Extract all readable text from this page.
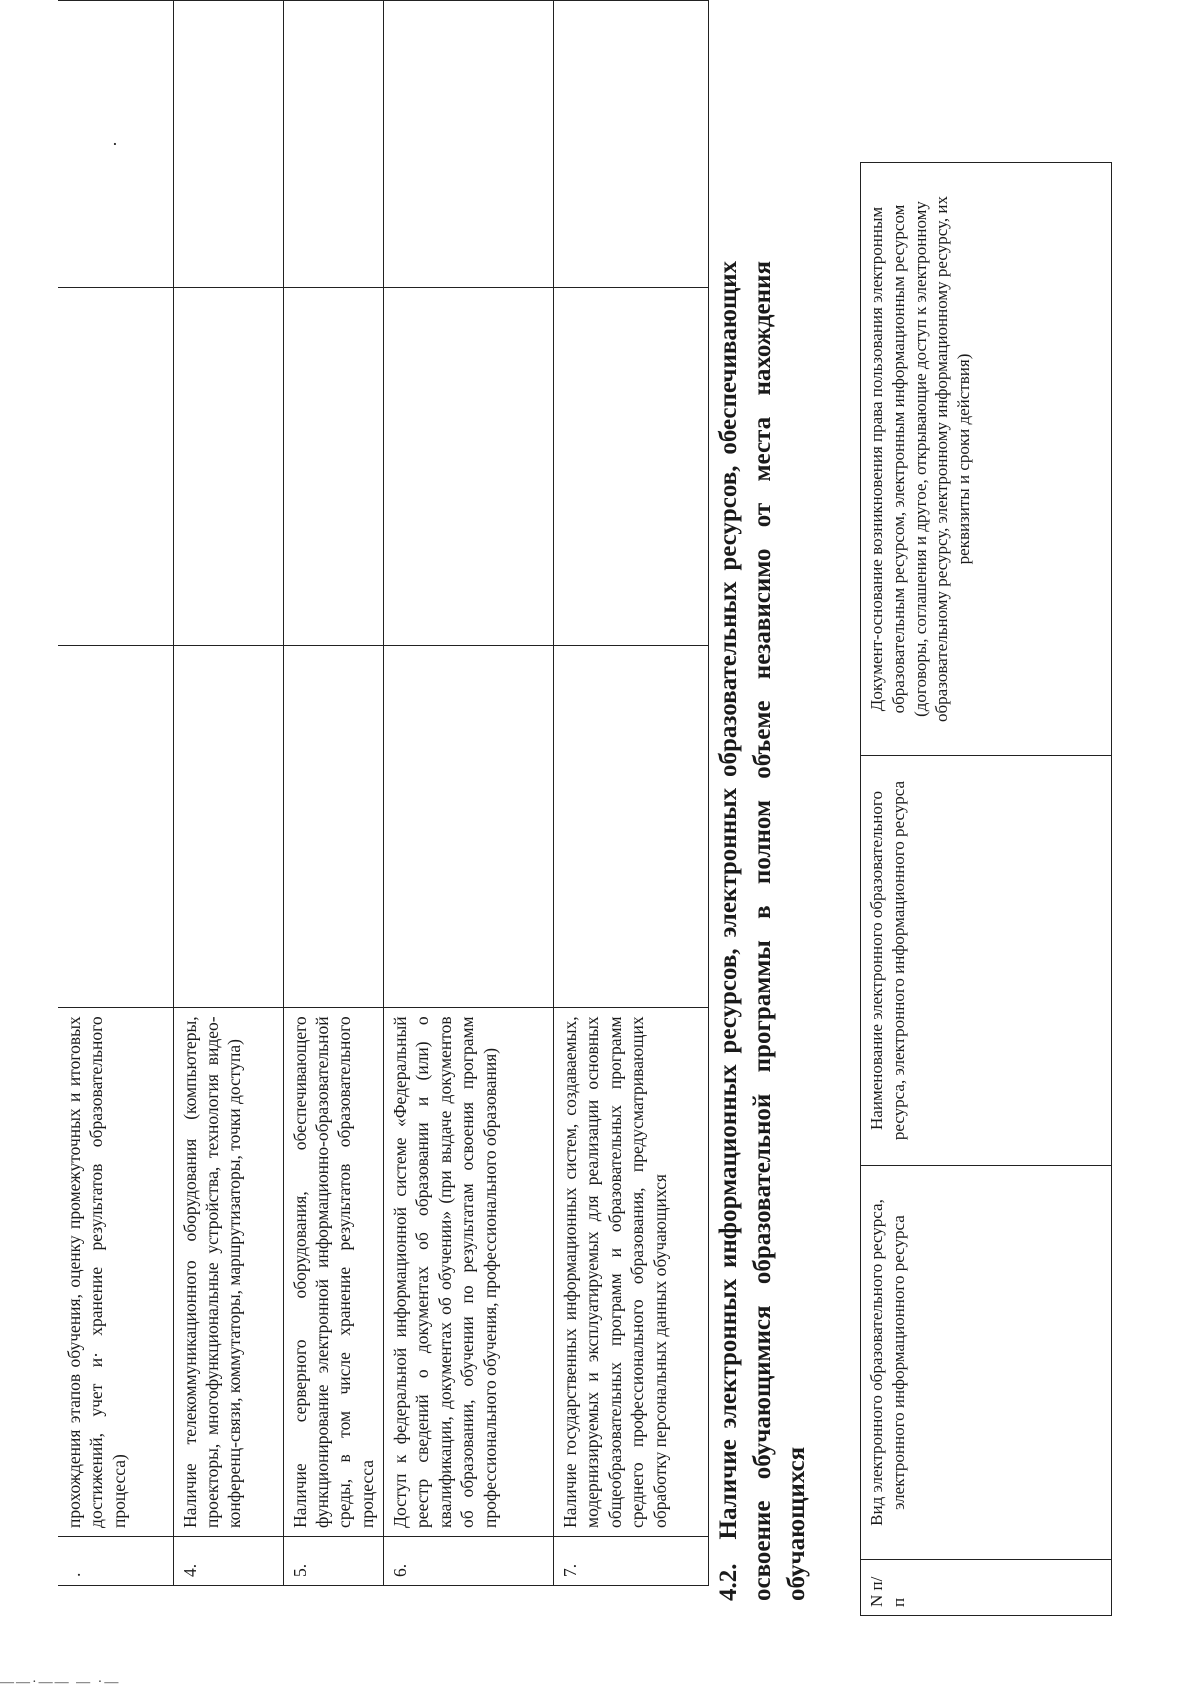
.	прохождения этапов обучения, оценку промежуточных и итоговых достижений, учет и· хранение результатов образовательного процесса)			·
4.	Наличие телекоммуникационного оборудования (компьютеры, проекторы, многофункциональные устройства, технология видео-конференц-связи, коммутаторы, маршрутизаторы, точки доступа)			
5.	Наличие серверного оборудования, обеспечивающего функционирование электронной информационно-образовательной среды, в том числе хранение результатов образовательного процесса			
6.	Доступ к федеральной информационной системе «Федеральный реестр сведений о документах об образовании и (или) о квалификации, документах об обучении» (при выдаче документов об образовании, обучении по результатам освоения программ профессионального обучения, профессионального образования)			
7.	Наличие государственных информационных систем, создаваемых, модернизируемых и эксплуатируемых для реализации основных общеобразовательных программ и образовательных программ среднего профессионального образования, предусматривающих обработку персональных данных обучающихся			
4.2.Наличие электронных информационных ресурсов, электронных образовательных ресурсов, обеспечивающих освоение обучающимися образовательной программы в полном объеме независимо от места нахождения обучающихся	N п/п	Вид электронного образовательного ресурса, электронного информационного ресурса	Наименование электронного образовательного ресурса, электронного информационного ресурса	Документ-основание возникновения права пользования электронным образовательным ресурсом, электронным информационным ресурсом (договоры, соглашения и другое, открывающие доступ к электронному образовательному ресурсу, электронному информационному ресурсу, их реквизиты и сроки действия)
——·—— — ·—
